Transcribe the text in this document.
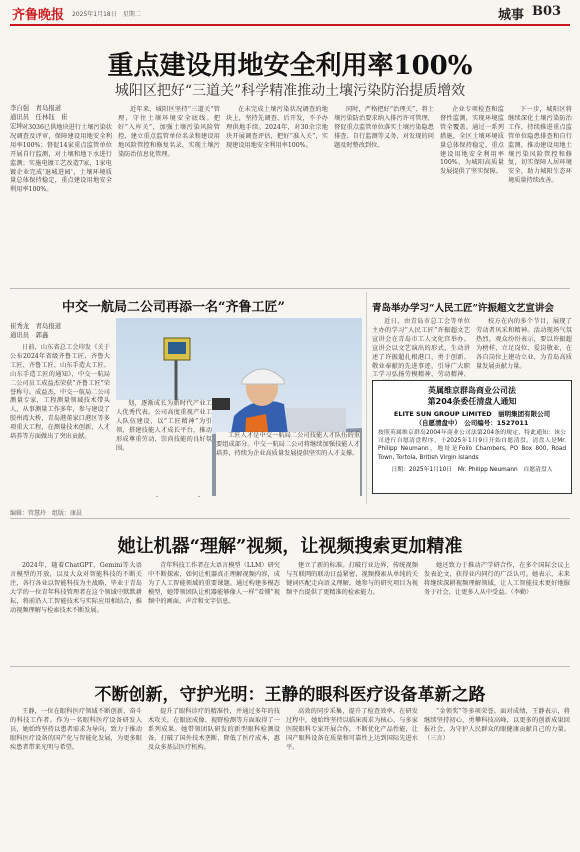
齐鲁晚报 2025年1月18日　星期二	城事 B03
重点建设用地安全利用率100%
城阳区把好“三道关”科学精准推动土壤污染防治提质增效
李自强　青岛报道
通讯员　任林钰　崔宏坤 对3036已供地块进行土壤污染状况调查及评审，保障建设用地安全利用率100%；督促14家重点监管单位开展自行监测，对土壤和地下水进行监测；实施电镀工艺改造7家，1家电镀企业完成‘退城进园’，土壤环境质量总体保持稳定，重点建设用地安全利用率100%。
近年来，城阳区坚持“三道关”管理，守住土壤环境安全底线。把好“入库关”，加强土壤污染风险管控，建立重点监管单位名录和建设用地风险管控和修复名录，实现土壤污染防治信息化管理。
在未完成土壤污染状况调查的地块上，坚持先调查、后开发，不予办理供地手续。2024年，对30余宗地块开展调查评估，把好“准入关”，实现建设用地安全利用率100%。
同时，严格把好“治理关”，将土壤污染防治要求纳入排污许可管理，督促重点监管单位落实土壤污染隐患排查、自行监测等义务，对发现的问题及时整改到位。
企业专项检查和监督性监测，实现环境监管全覆盖。通过一系列措施，全区土壤环境质量总体保持稳定，重点建设用地安全利用率100%，为城阳高质量发展提供了坚实保障。
下一步，城阳区将继续深化土壤污染防治工作，持续推进重点监管单位隐患排查和自行监测，推动建设用地土壤污染风险管控和修复，切实保障人居环境安全，助力城阳生态环境质量持续改善。
中交一航局二公司再添一名“齐鲁工匠”
崔秀龙　青岛报道
通讯员　郭鑫
日前，山东省总工会印发《关于公布2024年省级齐鲁工匠、齐鲁大工匠、齐鲁工匠、山东手造大工匠、山东手造工匠的通知》，中交一航局二公司员工成益杰荣获“齐鲁工匠”荣誉称号。成益杰，中交一航局二公司测量专家，工程测量领域技术带头人，从事测量工作多年，参与建设了胶州湾大桥、青岛港董家口港区等多项重大工程，在测量技术创新、人才培养等方面做出了突出贡献。
划，逐渐成长为新时代产业工人优秀代表。公司高度重视产业工人队伍建设，以“工匠精神”为引领，搭建技能人才成长平台，推动形成尊重劳动、崇尚技能的良好氛围。
工匠人才是中交一航局二公司技能人才队伍的重要组成部分。中交一航局二公司将继续加强技能人才培养，持续为企业高质量发展提供坚实的人才支撑。
青岛举办学习“人民工匠”许振超文艺宣讲会
近日，由青岛市总工会等单位主办的学习“人民工匠”许振超文艺宣讲会在青岛市工人文化宫举办。宣讲会以文艺演出的形式，生动讲述了许振超扎根港口、勇于创新、敬业奉献的先进事迹，引导广大职工学习弘扬劳模精神、劳动精神、
校方在内的多个节目，展现了劳动者风采和精神。活动现场气氛热烈，观众纷纷表示，要以许振超为榜样，立足岗位、爱岗敬业，在各自岗位上建功立业，为青岛高质量发展贡献力量。
英属维京群岛商业公司法
第204条委任清盘人通知
ELITE SUN GROUP LIMITED　丽明集团有限公司
（自愿清盘中）　公司编号：1527011
按照英属维京群岛2004年商业公司法第204条的规定，特此通知：该公司进行自愿清盘程序，于2025年1月9日开始自愿清盘。清盘人是Mr. Philipp Neumann，地址是Folio Chambers, PO Box 800, Road Town, Tortola, British Virgin Islands
日期：2025年1月10日　Mr. Philipp Neumann　自愿清盘人
编辑：管慧玲　组版：康晨
她让机器“理解”视频，让视频搜索更加精准
2024年，随着ChatGPT、Gemini等大语言模型的开放，以及大众对智能科技的不断关注，各行各业以智能科技为主战略，毕业于青岛大学的一位青年科技管理者在这个领域中默默耕耘，将前沿人工智能技术与实际应用相结合，推动视频理解与检索技术不断发展。
青年科技工作者在大语言模型（LLM）研究中不断探索，如何让机器真正理解视频内容，成为了人工智能领域的重要课题。通过构建多模态模型，她带领团队让机器能够像人一样“看懂”视频中的画面、声音和文字信息。
建立了新的标准。打破行业边界，传统视频与互联网的联动日益紧密，视频搜索从单纯的关键词匹配走向语义理解，她参与的研究项目为视频平台提供了更精准的检索能力。
她还致力于推动产学研合作，在多个国际会议上发表论文，获得业内同行的广泛认可。她表示，未来将继续深耕视频理解领域，让人工智能技术更好地服务于社会，让更多人从中受益。（李勤）
不断创新，守护光明：王静的眼科医疗设备革新之路
王静，一位在眼科医疗领域不断创新、奋斗的科技工作者。作为一名眼科医疗设备研发人员，她始终坚持以患者需求为导向，致力于推动眼科医疗设备的国产化与智能化发展，为更多眼疾患者带来光明与希望。
提升了眼科诊疗的精准性，并通过多年的技术攻关，在眼底成像、视野检测等方面取得了一系列成果。她带领团队研发的新型眼科检测设备，打破了国外技术垄断，降低了医疗成本，惠及众多基层医疗机构。
高效的同步采集，提升了检查效率。在研发过程中，她始终坚持以临床需求为核心，与多家医院眼科专家开展合作，不断优化产品性能，让国产眼科设备在质量和可靠性上达到国际先进水平。
“金领奖”等多项荣誉。面对成绩，王静表示，将继续坚持初心，勇攀科技高峰，以更多的创新成果回报社会，为守护人民群众的眼健康贡献自己的力量。（三言）
